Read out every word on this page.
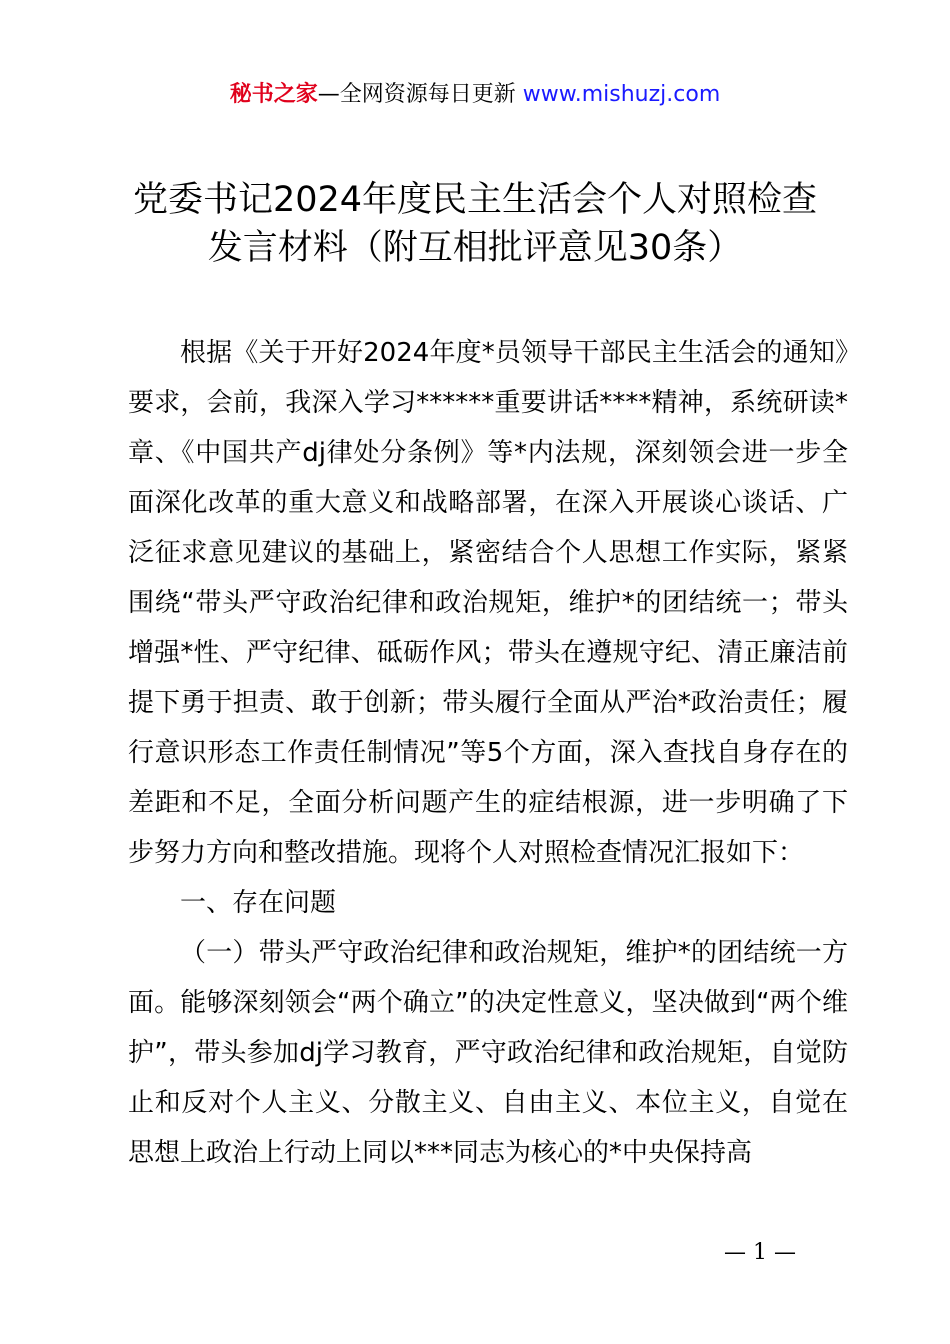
秘书之家—全网资源每日更新 www.mishuzj.com
党委书记2024年度民主生活会个人对照检查
发言材料（附互相批评意见30条）

根据《关于开好2024年度*员领导干部民主生活会的通知》要求，会前，我深入学习******重要讲话****精神，系统研读*章、《中国共产dj律处分条例》等*内法规，深刻领会进一步全面深化改革的重大意义和战略部署，在深入开展谈心谈话、广泛征求意见建议的基础上，紧密结合个人思想工作实际，紧紧围绕“带头严守政治纪律和政治规矩，维护*的团结统一；带头增强*性、严守纪律、砥砺作风；带头在遵规守纪、清正廉洁前提下勇于担责、敢于创新；带头履行全面从严治*政治责任；履行意识形态工作责任制情况”等5个方面，深入查找自身存在的差距和不足，全面分析问题产生的症结根源，进一步明确了下步努力方向和整改措施。现将个人对照检查情况汇报如下：

一、存在问题

（一）带头严守政治纪律和政治规矩，维护*的团结统一方面。能够深刻领会“两个确立”的决定性意义，坚决做到“两个维护”，带头参加dj学习教育，严守政治纪律和政治规矩，自觉防止和反对个人主义、分散主义、自由主义、本位主义，自觉在思想上政治上行动上同以***同志为核心的*中央保持高

— 1 —
